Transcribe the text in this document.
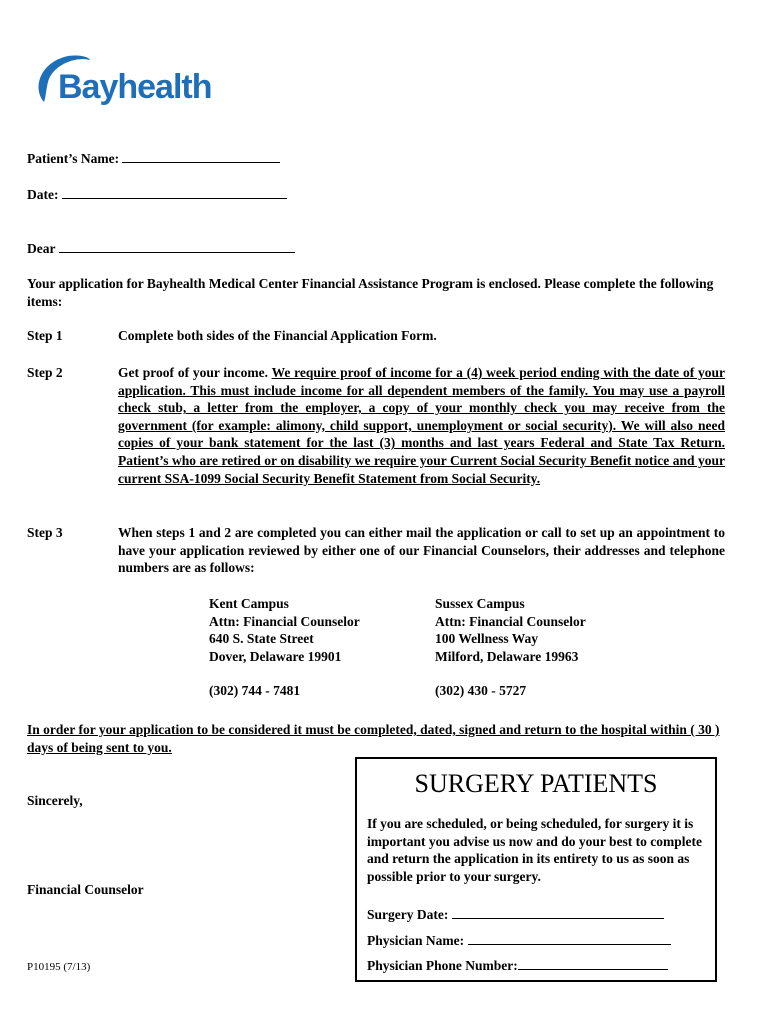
Bayhealth
Patient’s Name:
Date:
Dear
Your application for Bayhealth Medical Center Financial Assistance Program is enclosed. Please complete the following items:
Step 1	Complete both sides of the Financial Application Form.
Step 2	Get proof of your income. We require proof of income for a (4) week period ending with the date of your application. This must include income for all dependent members of the family. You may use a payroll check stub, a letter from the employer, a copy of your monthly check you may receive from the government (for example: alimony, child support, unemployment or social security). We will also need copies of your bank statement for the last (3) months and last years Federal and State Tax Return. Patient’s who are retired or on disability we require your Current Social Security Benefit notice and your current SSA-1099 Social Security Benefit Statement from Social Security.
Step 3	When steps 1 and 2 are completed you can either mail the application or call to set up an appointment to have your application reviewed by either one of our Financial Counselors, their addresses and telephone numbers are as follows:
Kent Campus
Attn: Financial Counselor
640 S. State Street
Dover, Delaware 19901
(302) 744 - 7481
Sussex Campus
Attn: Financial Counselor
100 Wellness Way
Milford, Delaware 19963
(302) 430 - 5727
In order for your application to be considered it must be completed, dated, signed and return to the hospital within ( 30 ) days of being sent to you.
Sincerely,
Financial Counselor
P10195 (7/13)
SURGERY PATIENTS
If you are scheduled, or being scheduled, for surgery it is important you advise us now and do your best to complete and return the application in its entirety to us as soon as possible prior to your surgery.
Surgery Date:
Physician Name:
Physician Phone Number:
